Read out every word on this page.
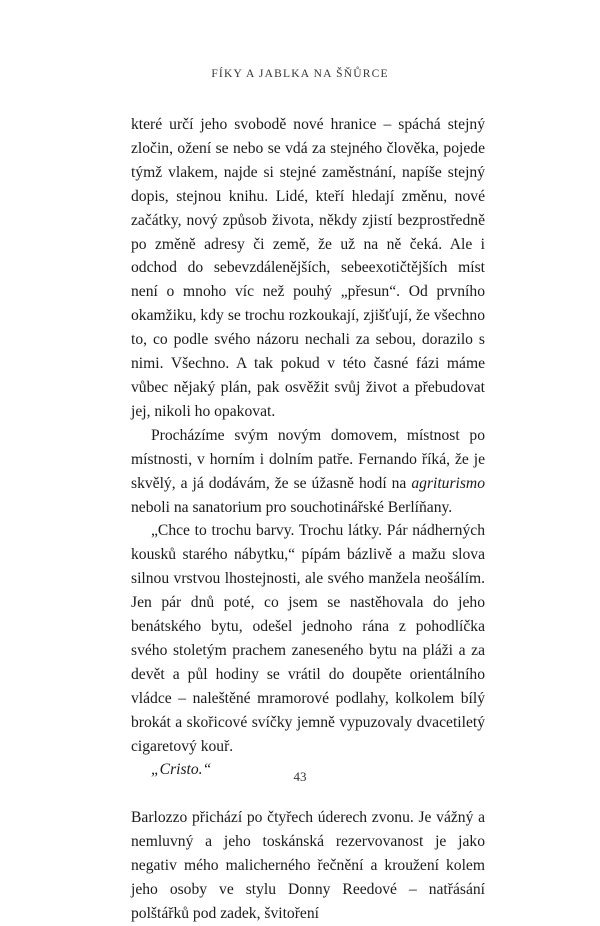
FÍKY A JABLKA NA ŠŇŮRCE

které určí jeho svobodě nové hranice – spáchá stejný zločin, ožení se nebo se vdá za stejného člověka, pojede týmž vlakem, najde si stejné zaměstnání, napíše stejný dopis, stejnou knihu. Lidé, kteří hledají změnu, nové začátky, nový způsob života, někdy zjistí bezprostředně po změně adresy či země, že už na ně čeká. Ale i odchod do sebevzdálenějších, sebeexotičtějších míst není o mnoho víc než pouhý „přesun“. Od prvního okamžiku, kdy se trochu rozkoukají, zjišťují, že všechno to, co podle svého názoru nechali za sebou, dorazilo s nimi. Všechno. A tak pokud v této časné fázi máme vůbec nějaký plán, pak osvěžit svůj život a přebudovat jej, nikoli ho opakovat.

Procházíme svým novým domovem, místnost po místnosti, v horním i dolním patře. Fernando říká, že je skvělý, a já dodávám, že se úžasně hodí na agriturismo neboli na sanatorium pro souchotinářské Berlíňany.

„Chce to trochu barvy. Trochu látky. Pár nádherných kousků starého nábytku,“ pípám bázlivě a mažu slova silnou vrstvou lhostejnosti, ale svého manžela neošálím. Jen pár dnů poté, co jsem se nastěhovala do jeho benátského bytu, odešel jednoho rána z pohodlíčka svého stoletým prachem zaneseného bytu na pláži a za devět a půl hodiny se vrátil do doupěte orientálního vládce – naleštěné mramorové podlahy, kolkolem bílý brokát a skořicové svíčky jemně vypuzovaly dvacetiletý cigaretový kouř.

„Cristo.“

Barlozzo přichází po čtyřech úderech zvonu. Je vážný a nemluvný a jeho toskánská rezervovanost je jako negativ mého malicherného řečnění a kroužení kolem jeho osoby ve stylu Donny Reedové – natřásání polštářků pod zadek, švitoření

43
